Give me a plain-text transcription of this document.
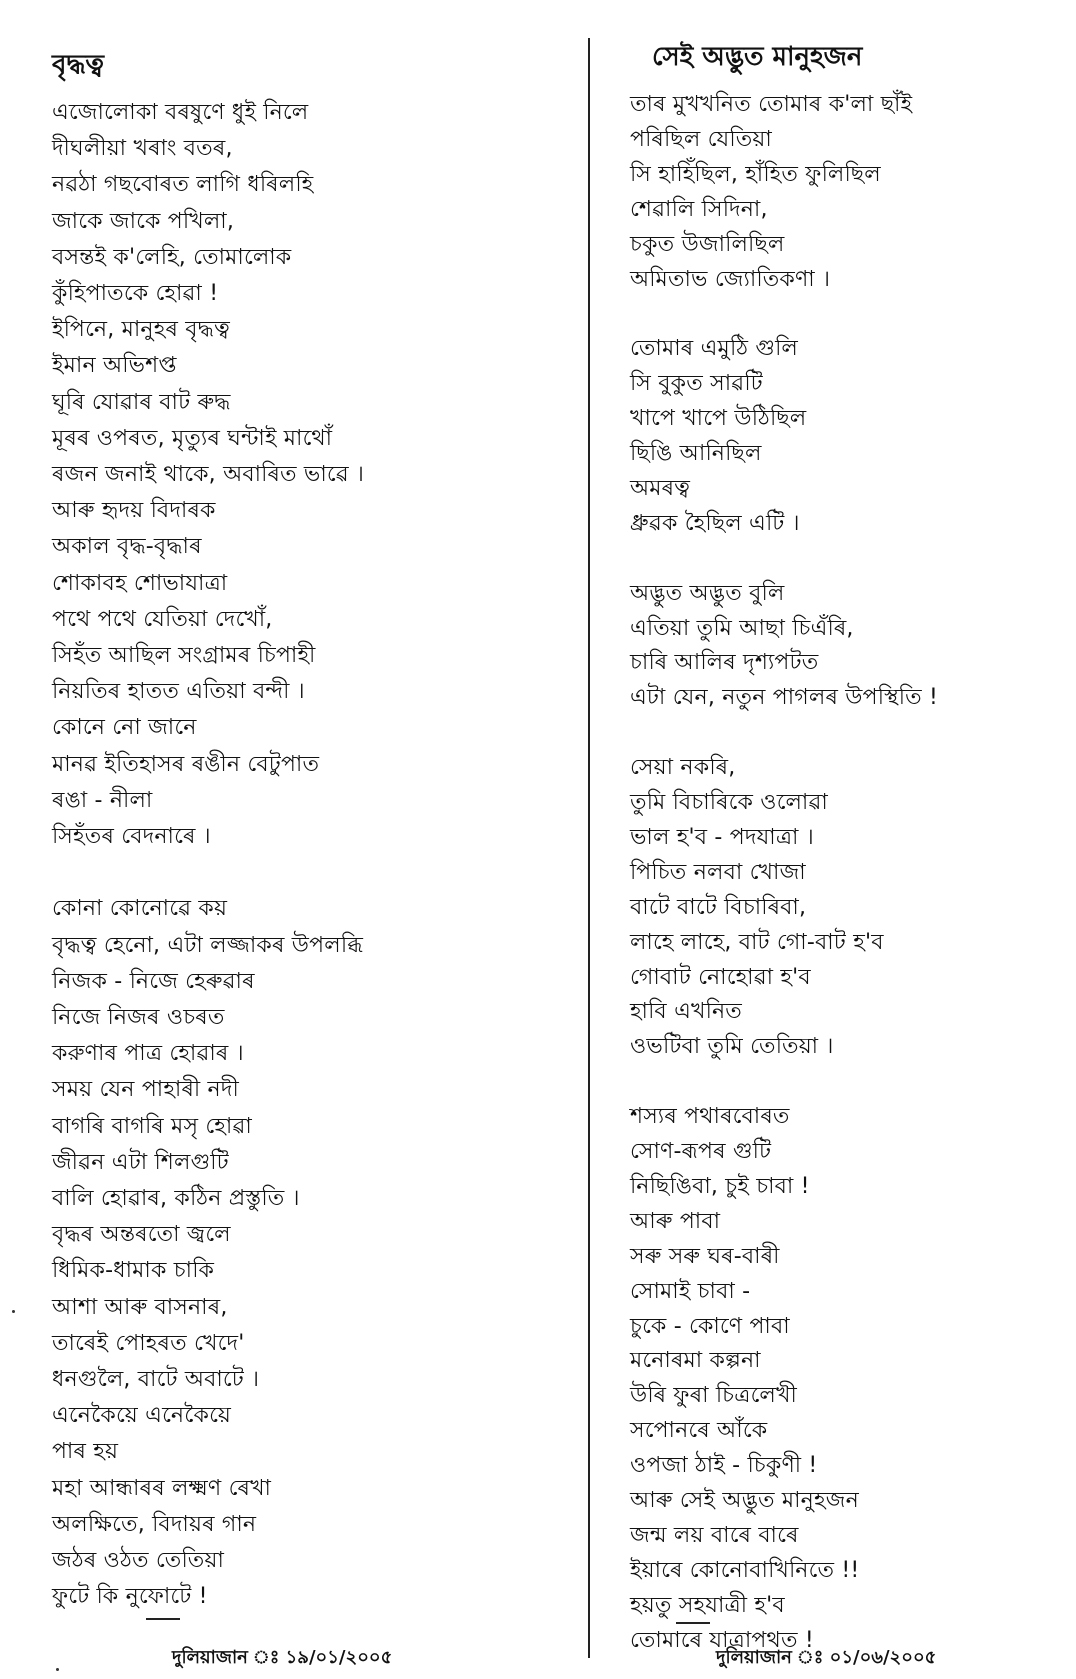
বৃদ্ধত্ব
এজোলোকা বৰষুণে ধুই নিলে
দীঘলীয়া খৰাং বতৰ,
নৱঠা গছবোৰত লাগি ধৰিলহি
জাকে জাকে পখিলা,
বসন্তই ক'লেহি, তোমালোক
কুঁহিপাতকে হোৱা !
ইপিনে, মানুহৰ বৃদ্ধত্ব
ইমান অভিশপ্ত
ঘূৰি যোৱাৰ বাট ৰুদ্ধ
মূৰৰ ওপৰত, মৃত্যুৰ ঘন্টাই মাথোঁ
ৰজন জনাই থাকে, অবাৰিত ভাৱে ।
আৰু হৃদয় বিদাৰক
অকাল বৃদ্ধ-বৃদ্ধাৰ
শোকাবহ শোভাযাত্ৰা
পথে পথে যেতিয়া দেখোঁ,
সিহঁত আছিল সংগ্ৰামৰ চিপাহী
নিয়তিৰ হাতত এতিয়া বন্দী ।
কোনে নো জানে
মানৱ ইতিহাসৰ ৰঙীন বেটুপাত
ৰঙা - নীলা
সিহঁতৰ বেদনাৰে ।
কোনা কোনোৱে কয়
বৃদ্ধত্ব হেনো, এটা লজ্জাকৰ উপলব্ধি
নিজক - নিজে হেৰুৱাৰ
নিজে নিজৰ ওচৰত
করুণাৰ পাত্ৰ হোৱাৰ ।
সময় যেন পাহাৰী নদী
বাগৰি বাগৰি মসৃ হোৱা
জীৱন এটা শিলগুটি
বালি হোৱাৰ, কঠিন প্ৰস্তুতি ।
বৃদ্ধৰ অন্তৰতো জ্বলে
ধিমিক-ধামাক চাকি
আশা আৰু বাসনাৰ,
তাৰেই পোহৰত খেদে'
ধনগুলৈ, বাটে অবাটে ।
এনেকৈয়ে এনেকৈয়ে
পাৰ হয়
মহা আন্ধাৰৰ লক্ষ্মণ ৰেখা
অলক্ষিতে, বিদায়ৰ গান
জঠৰ ওঠত তেতিয়া
ফুটে কি নুফোটে !
দুলিয়াজান ঃ ১৯/০১/২০০৫
সেই অদ্ভুত মানুহজন
তাৰ মুখখনিত তোমাৰ ক'লা ছাঁই
পৰিছিল যেতিয়া
সি হাহিঁছিল, হাঁহিত ফুলিছিল
শেৱালি সিদিনা,
চকুত উজালিছিল
অমিতাভ জ্যোতিকণা ।
তোমাৰ এমুঠি গুলি
সি বুকুত সাৱটি
খাপে খাপে উঠিছিল
ছিঙি আনিছিল
অমৰত্ব
ধ্ৰুৱক হৈছিল এটি ।
অদ্ভুত অদ্ভুত বুলি
এতিয়া তুমি আছা চিএঁৰি,
চাৰি আলিৰ দৃশ্যপটত
এটা যেন, নতুন পাগলৰ উপস্থিতি !
সেয়া নকৰি,
তুমি বিচাৰিকে ওলোৱা
ভাল হ'ব - পদযাত্ৰা ।
পিচিত নলবা খোজা
বাটে বাটে বিচাৰিবা,
লাহে লাহে, বাট গো-বাট হ'ব
গোবাট নোহোৱা হ'ব
হাবি এখনিত
ওভটিবা তুমি তেতিয়া ।
শস্যৰ পথাৰবোৰত
সোণ-ৰূপৰ গুটি
নিছিঙিবা, চুই চাবা !
আৰু পাবা
সৰু সৰু ঘৰ-বাৰী
সোমাই চাবা -
চুকে - কোণে পাবা
মনোৰমা কল্পনা
উৰি ফুৰা চিত্ৰলেখী
সপোনৰে আঁকে
ওপজা ঠাই - চিকুণী !
আৰু সেই অদ্ভুত মানুহজন
জন্ম লয় বাৰে বাৰে
ইয়াৰে কোনোবাখিনিতে !!
হয়তু সহযাত্ৰী হ'ব
তোমাৰে যাত্ৰাপথত !
দুলিয়াজান ঃ ০১/০৬/২০০৫
